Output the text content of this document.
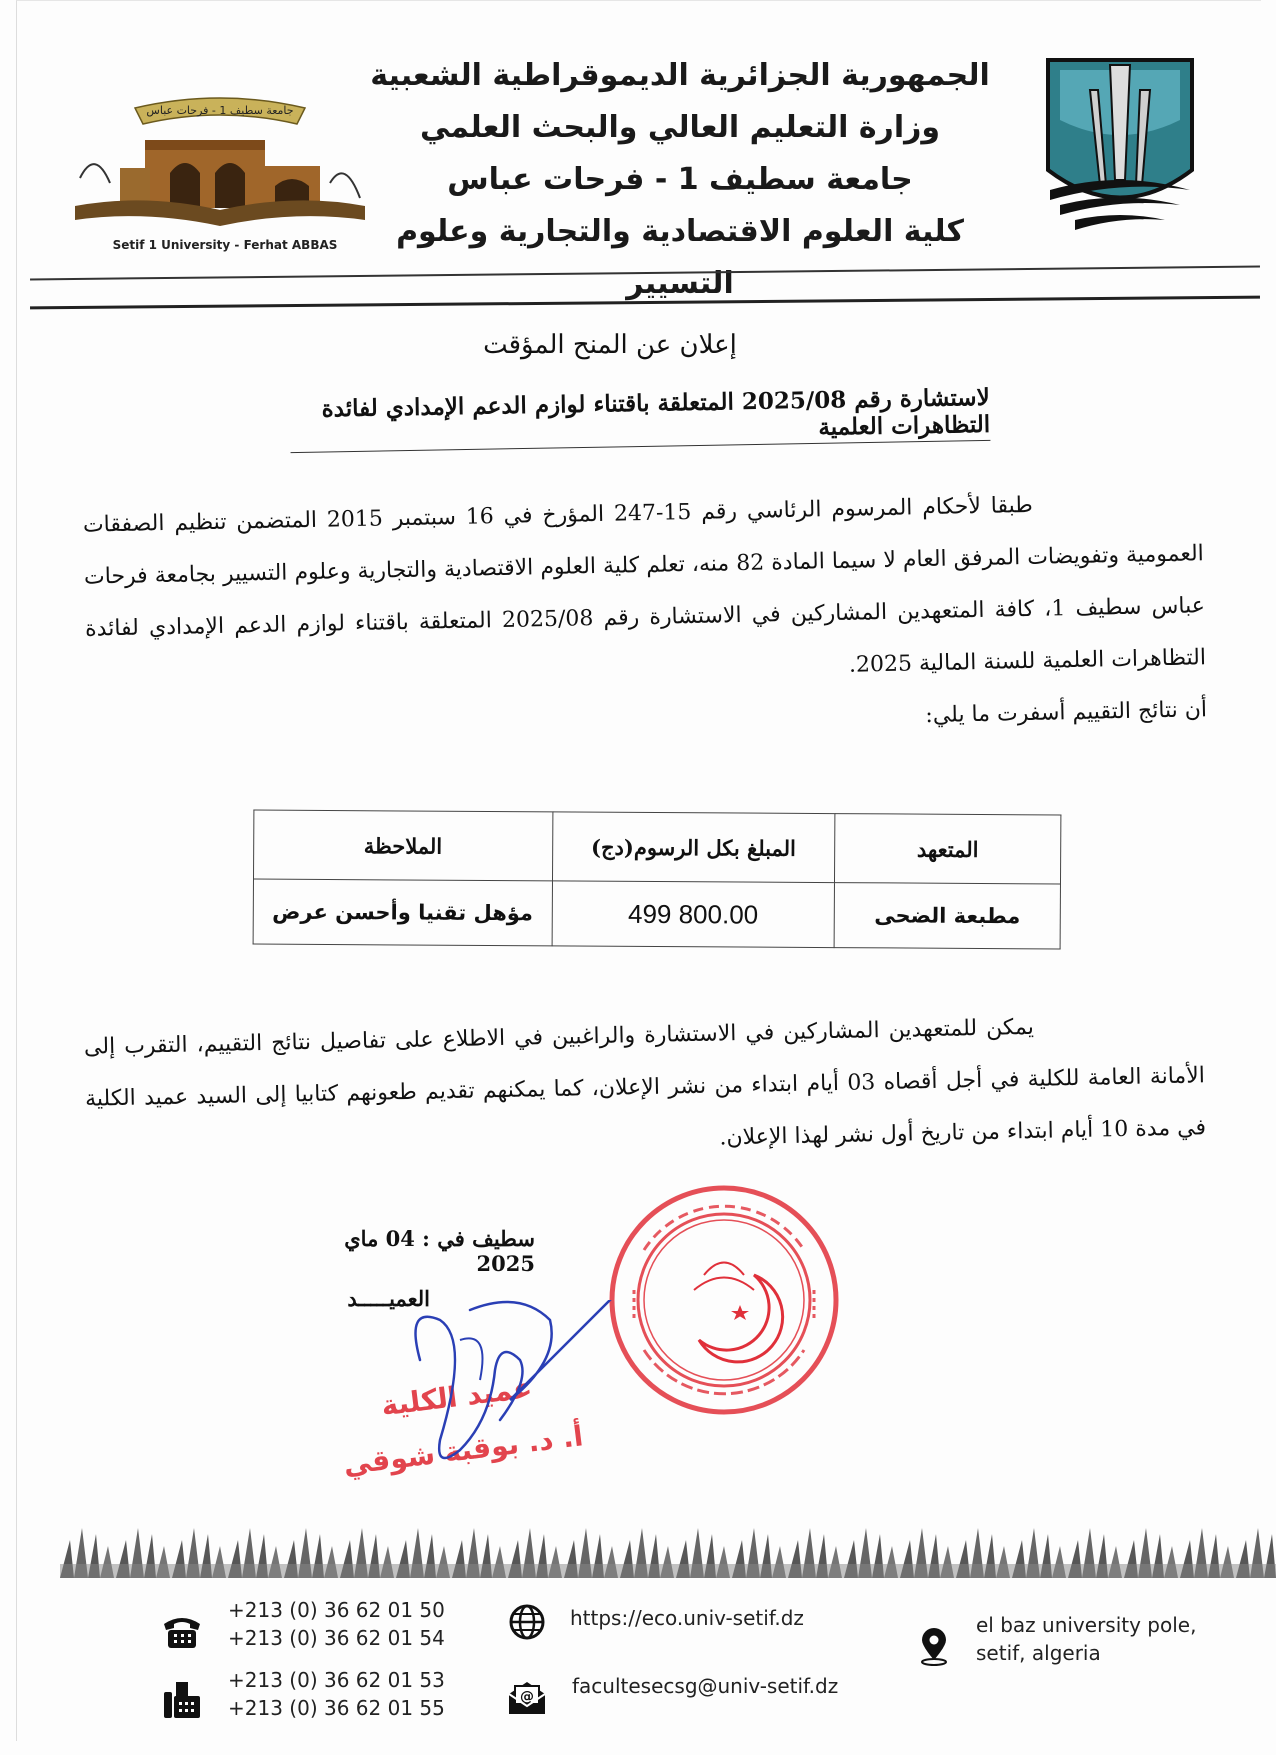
جامعة سطيف 1 - فرحات عباس
Setif 1 University - Ferhat ABBAS
الجمهورية الجزائرية الديموقراطية الشعبية
وزارة التعليم العالي والبحث العلمي
جامعة سطيف 1 - فرحات عباس
كلية العلوم الاقتصادية والتجارية وعلوم التسيير
إعلان عن المنح المؤقت
لاستشارة رقم 2025/08 المتعلقة باقتناء لوازم الدعم الإمدادي لفائدة التظاهرات العلمية
طبقا لأحكام المرسوم الرئاسي رقم 15-247 المؤرخ في 16 سبتمبر 2015 المتضمن تنظيم الصفقات العمومية وتفويضات المرفق العام لا سيما المادة 82 منه، تعلم كلية العلوم الاقتصادية والتجارية وعلوم التسيير بجامعة فرحات عباس سطيف 1، كافة المتعهدين المشاركين في الاستشارة رقم 2025/08 المتعلقة باقتناء لوازم الدعم الإمدادي لفائدة التظاهرات العلمية للسنة المالية 2025.
أن نتائج التقييم أسفرت ما يلي:
المتعهد	المبلغ بكل الرسوم(دج)	الملاحظة
مطبعة الضحى	499 800.00	مؤهل تقنيا وأحسن عرض
يمكن للمتعهدين المشاركين في الاستشارة والراغبين في الاطلاع على تفاصيل نتائج التقييم، التقرب إلى الأمانة العامة للكلية في أجل أقصاه 03 أيام ابتداء من نشر الإعلان، كما يمكنهم تقديم طعونهم كتابيا إلى السيد عميد الكلية في مدة 10 أيام ابتداء من تاريخ أول نشر لهذا الإعلان.
سطيف في : 04 ماي 2025
العميـــــد
عميد الكلية
أ. د. بوقبة شوقي
+213 (0) 36 62 01 50
+213 (0) 36 62 01 54
+213 (0) 36 62 01 53
+213 (0) 36 62 01 55
https://eco.univ-setif.dz
@ facultesecsg@univ-setif.dz
el baz university pole,
setif, algeria
